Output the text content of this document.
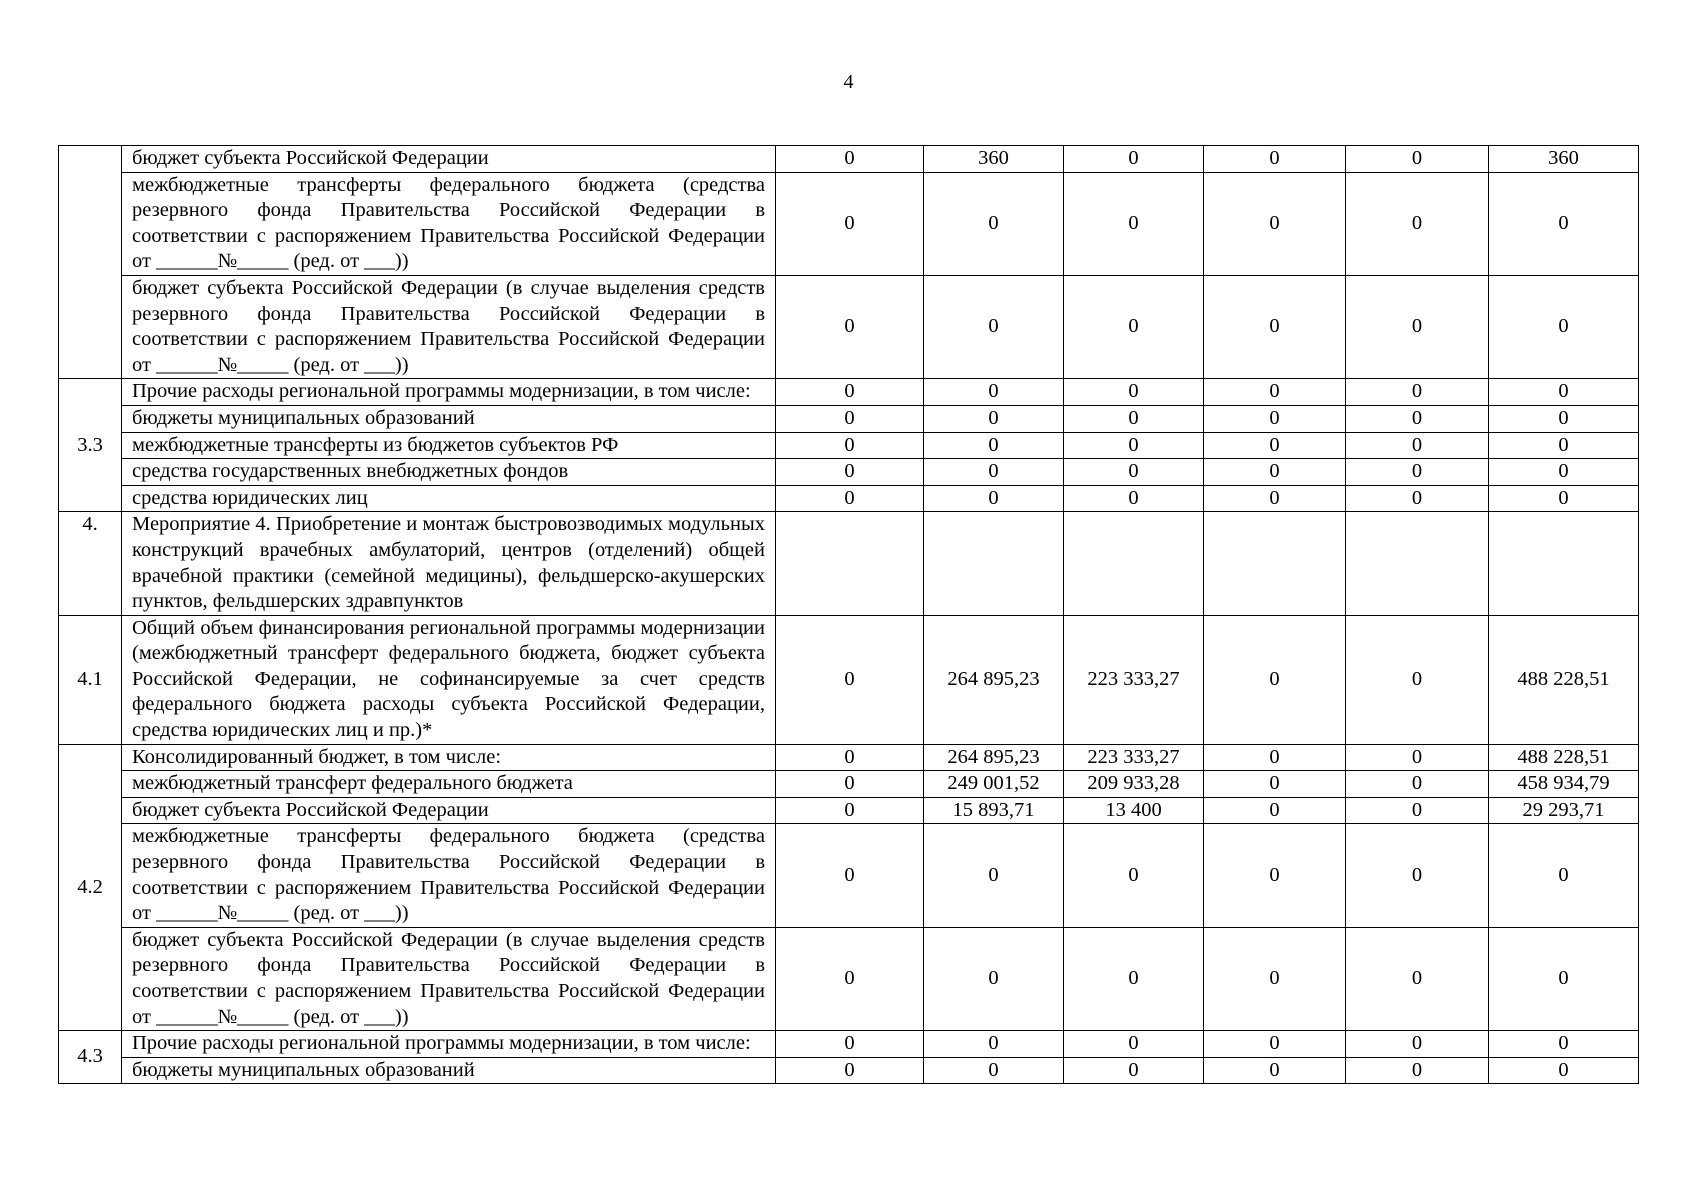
4
	бюджет субъекта Российской Федерации	0	360	0	0	0	360
	межбюджетные трансферты федерального бюджета (средства резервного фонда Правительства Российской Федерации в соответствии с распоряжением Правительства Российской Федерации от ______№_____ (ред. от ___))	0	0	0	0	0	0
	бюджет субъекта Российской Федерации (в случае выделения средств резервного фонда Правительства Российской Федерации в соответствии с распоряжением Правительства Российской Федерации от ______№_____ (ред. от ___))	0	0	0	0	0	0
3.3	Прочие расходы региональной программы модернизации, в том числе:	0	0	0	0	0	0
	бюджеты муниципальных образований	0	0	0	0	0	0
	межбюджетные трансферты из бюджетов субъектов РФ	0	0	0	0	0	0
	средства государственных внебюджетных фондов	0	0	0	0	0	0
	средства юридических лиц	0	0	0	0	0	0
4.	Мероприятие 4. Приобретение и монтаж быстровозводимых модульных конструкций врачебных амбулаторий, центров (отделений) общей врачебной практики (семейной медицины), фельдшерско-акушерских пунктов, фельдшерских здравпунктов						
4.1	Общий объем финансирования региональной программы модернизации (межбюджетный трансферт федерального бюджета, бюджет субъекта Российской Федерации, не софинансируемые за счет средств федерального бюджета расходы субъекта Российской Федерации, средства юридических лиц и пр.)*	0	264 895,23	223 333,27	0	0	488 228,51
4.2	Консолидированный бюджет, в том числе:	0	264 895,23	223 333,27	0	0	488 228,51
	межбюджетный трансферт федерального бюджета	0	249 001,52	209 933,28	0	0	458 934,79
	бюджет субъекта Российской Федерации	0	15 893,71	13 400	0	0	29 293,71
	межбюджетные трансферты федерального бюджета (средства резервного фонда Правительства Российской Федерации в соответствии с распоряжением Правительства Российской Федерации от ______№_____ (ред. от ___))	0	0	0	0	0	0
	бюджет субъекта Российской Федерации (в случае выделения средств резервного фонда Правительства Российской Федерации в соответствии с распоряжением Правительства Российской Федерации от ______№_____ (ред. от ___))	0	0	0	0	0	0
4.3	Прочие расходы региональной программы модернизации, в том числе:	0	0	0	0	0	0
	бюджеты муниципальных образований	0	0	0	0	0	0
